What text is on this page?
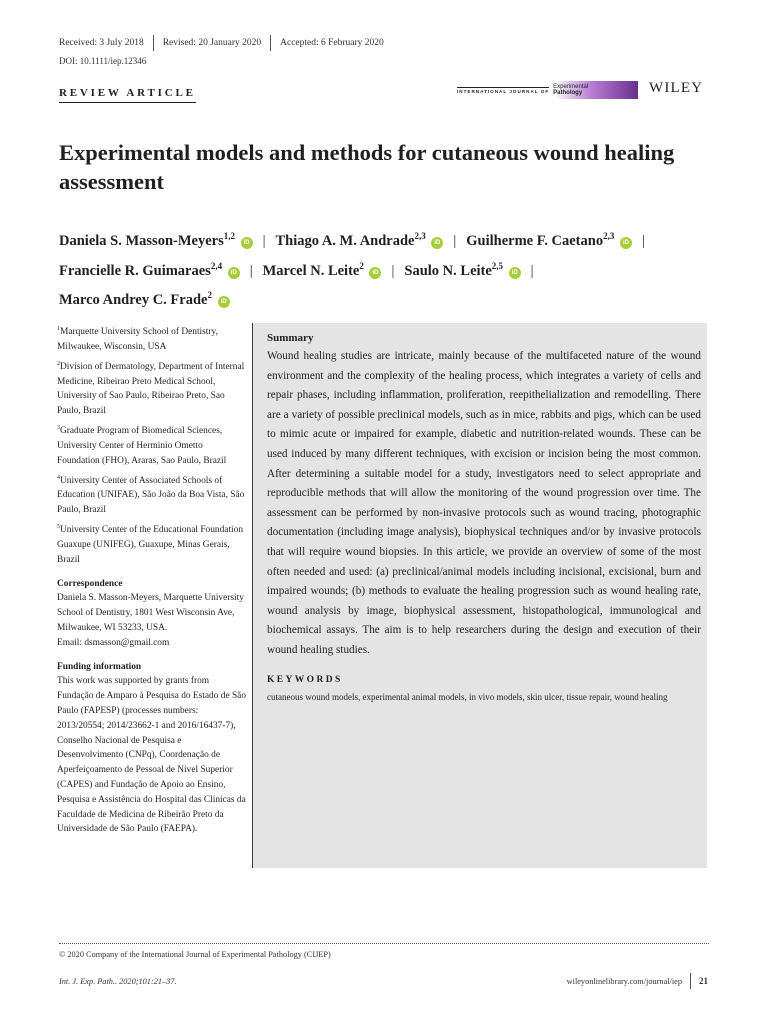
Received: 3 July 2018 Revised: 20 January 2020 Accepted: 6 February 2020
DOI: 10.1111/iep.12346
REVIEW ARTICLE	INTERNATIONAL JOURNAL OF
Experimental
Pathology	WILEY
Experimental models and methods for cutaneous wound healing assessment
Daniela S. Masson-Meyers$^{1,2}$ iD | Thiago A. M. Andrade$^{2,3}$ iD | Guilherme F. Caetano$^{2,3}$ iD |
Francielle R. Guimaraes$^{2,4}$ iD | Marcel N. Leite$^2$ iD | Saulo N. Leite$^{2,5}$ iD |
Marco Andrey C. Frade$^2$ iD
$^1$Marquette University School of Dentistry, Milwaukee, Wisconsin, USA
$^2$Division of Dermatology, Department of Internal Medicine, Ribeirao Preto Medical School, University of Sao Paulo, Ribeirao Preto, Sao Paulo, Brazil
$^3$Graduate Program of Biomedical Sciences, University Center of Herminio Ometto Foundation (FHO), Araras, Sao Paulo, Brazil
$^4$University Center of Associated Schools of Education (UNIFAE), São João da Boa Vista, São Paulo, Brazil
$^5$University Center of the Educational Foundation Guaxupe (UNIFEG), Guaxupe, Minas Gerais, Brazil
Correspondence
Daniela S. Masson-Meyers, Marquette University School of Dentistry, 1801 West Wisconsin Ave, Milwaukee, WI 53233, USA.
Email: dsmasson@gmail.com
Funding information
This work was supported by grants from Fundação de Amparo à Pesquisa do Estado de São Paulo (FAPESP) (processes numbers: 2013/20554; 2014/23662-1 and 2016/16437-7), Conselho Nacional de Pesquisa e Desenvolvimento (CNPq), Coordenação de Aperfeiçoamento de Pessoal de Nível Superior (CAPES) and Fundação de Apoio ao Ensino, Pesquisa e Assistência do Hospital das Clínicas da Faculdade de Medicina de Ribeirão Preto da Universidade de São Paulo (FAEPA).
Summary
Wound healing studies are intricate, mainly because of the multifaceted nature of the wound environment and the complexity of the healing process, which integrates a variety of cells and repair phases, including inflammation, proliferation, reepithelialization and remodelling. There are a variety of possible preclinical models, such as in mice, rabbits and pigs, which can be used to mimic acute or impaired for example, diabetic and nutrition-related wounds. These can be used induced by many different techniques, with excision or incision being the most common. After determining a suitable model for a study, investigators need to select appropriate and reproducible methods that will allow the monitoring of the wound progression over time. The assessment can be performed by non-invasive protocols such as wound tracing, photographic documentation (including image analysis), biophysical techniques and/or by invasive protocols that will require wound biopsies. In this article, we provide an overview of some of the most often needed and used: (a) preclinical/animal models including incisional, excisional, burn and impaired wounds; (b) methods to evaluate the healing progression such as wound healing rate, wound analysis by image, biophysical assessment, histopathological, immunological and biochemical assays. The aim is to help researchers during the design and execution of their wound healing studies.
KEYWORDS
cutaneous wound models, experimental animal models, in vivo models, skin ulcer, tissue repair, wound healing
© 2020 Company of the International Journal of Experimental Pathology (CIJEP)
Int. J. Exp. Path.. 2020;101:21–37.	wileyonlinelibrary.com/journal/iep 21
